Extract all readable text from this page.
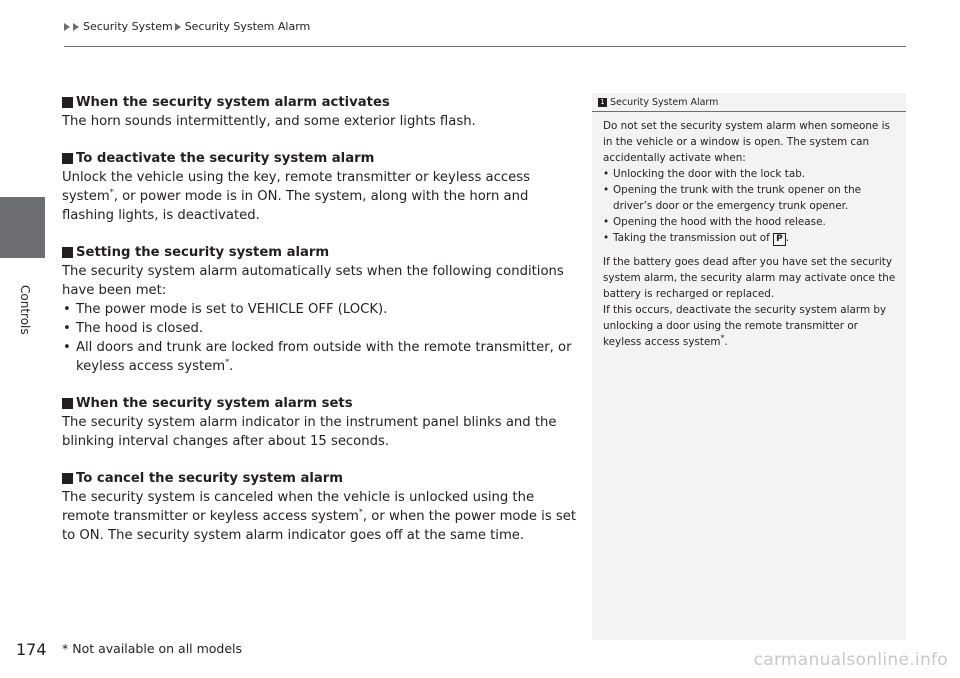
Controls
Security System Security System Alarm
When the security system alarm activates

The horn sounds intermittently, and some exterior lights flash.

To deactivate the security system alarm

Unlock the vehicle using the key, remote transmitter or keyless access system*, or power mode is in ON. The system, along with the horn and flashing lights, is deactivated.

Setting the security system alarm

The security system alarm automatically sets when the following conditions have been met:

• The power mode is set to VEHICLE OFF (LOCK).
• The hood is closed.
• All doors and trunk are locked from outside with the remote transmitter, or keyless access system*.
When the security system alarm sets

The security system alarm indicator in the instrument panel blinks and the blinking interval changes after about 15 seconds.

To cancel the security system alarm

The security system is canceled when the vehicle is unlocked using the remote transmitter or keyless access system*, or when the power mode is set to ON. The security system alarm indicator goes off at the same time.

1 Security System Alarm

Do not set the security system alarm when someone is in the vehicle or a window is open. The system can accidentally activate when:

• Unlocking the door with the lock tab.
• Opening the trunk with the trunk opener on the driver’s door or the emergency trunk opener.
• Opening the hood with the hood release.
• Taking the transmission out of P .

If the battery goes dead after you have set the security system alarm, the security alarm may activate once the battery is recharged or replaced.

If this occurs, deactivate the security system alarm by unlocking a door using the remote transmitter or keyless access system*.

174 * Not available on all models
carmanualsonline.info
